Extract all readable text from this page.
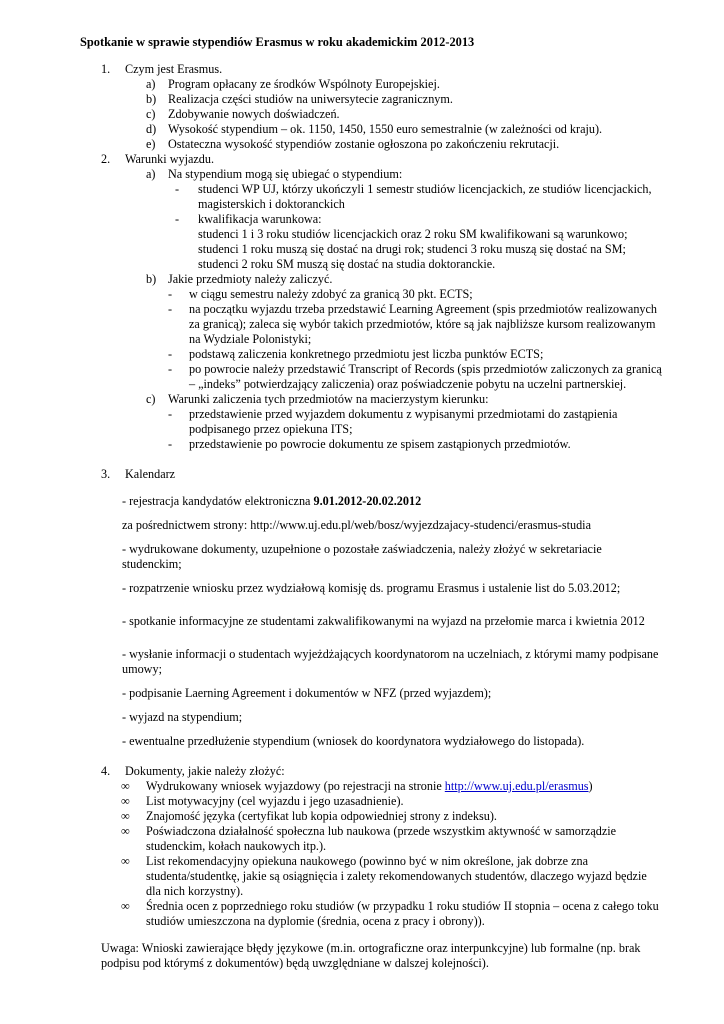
Spotkanie w sprawie stypendiów Erasmus w roku akademickim 2012-2013
1. Czym jest Erasmus.
a) Program opłacany ze środków Wspólnoty Europejskiej.
b) Realizacja części studiów na uniwersytecie zagranicznym.
c) Zdobywanie nowych doświadczeń.
d) Wysokość stypendium – ok. 1150, 1450, 1550 euro semestralnie (w zależności od kraju).
e) Ostateczna wysokość stypendiów zostanie ogłoszona po zakończeniu rekrutacji.
2. Warunki wyjazdu.
a) Na stypendium mogą się ubiegać o stypendium:
- studenci WP UJ, którzy ukończyli 1 semestr studiów licencjackich, ze studiów licencjackich,
magisterskich i doktoranckich
- kwalifikacja warunkowa:
studenci 1 i 3 roku studiów licencjackich oraz 2 roku SM kwalifikowani są warunkowo;
studenci 1 roku muszą się dostać na drugi rok; studenci 3 roku muszą się dostać na SM;
studenci 2 roku SM muszą się dostać na studia doktoranckie.
b) Jakie przedmioty należy zaliczyć.
- w ciągu semestru należy zdobyć za granicą 30 pkt. ECTS;
- na początku wyjazdu trzeba przedstawić Learning Agreement (spis przedmiotów realizowanych
za granicą); zaleca się wybór takich przedmiotów, które są jak najbliższe kursom realizowanym
na Wydziale Polonistyki;
- podstawą zaliczenia konkretnego przedmiotu jest liczba punktów ECTS;
- po powrocie należy przedstawić Transcript of Records (spis przedmiotów zaliczonych za granicą
– „indeks” potwierdzający zaliczenia) oraz poświadczenie pobytu na uczelni partnerskiej.
c) Warunki zaliczenia tych przedmiotów na macierzystym kierunku:
- przedstawienie przed wyjazdem dokumentu z wypisanymi przedmiotami do zastąpienia
podpisanego przez opiekuna ITS;
- przedstawienie po powrocie dokumentu ze spisem zastąpionych przedmiotów.
3. Kalendarz
- rejestracja kandydatów elektroniczna 9.01.2012-20.02.2012
za pośrednictwem strony: http://www.uj.edu.pl/web/bosz/wyjezdzajacy-studenci/erasmus-studia
- wydrukowane dokumenty, uzupełnione o pozostałe zaświadczenia, należy złożyć w sekretariacie
studenckim;
- rozpatrzenie wniosku przez wydziałową komisję ds. programu Erasmus i ustalenie list do 5.03.2012;
- spotkanie informacyjne ze studentami zakwalifikowanymi na wyjazd na przełomie marca i kwietnia 2012
- wysłanie informacji o studentach wyjeżdżających koordynatorom na uczelniach, z którymi mamy podpisane
umowy;
- podpisanie Laerning Agreement i dokumentów w NFZ (przed wyjazdem);
- wyjazd na stypendium;
- ewentualne przedłużenie stypendium (wniosek do koordynatora wydziałowego do listopada).
4. Dokumenty, jakie należy złożyć:
∞ Wydrukowany wniosek wyjazdowy (po rejestracji na stronie http://www.uj.edu.pl/erasmus)
∞ List motywacyjny (cel wyjazdu i jego uzasadnienie).
∞ Znajomość języka (certyfikat lub kopia odpowiedniej strony z indeksu).
∞ Poświadczona działalność społeczna lub naukowa (przede wszystkim aktywność w samorządzie
studenckim, kołach naukowych itp.).
∞ List rekomendacyjny opiekuna naukowego (powinno być w nim określone, jak dobrze zna
studenta/studentkę, jakie są osiągnięcia i zalety rekomendowanych studentów, dlaczego wyjazd będzie
dla nich korzystny).
∞ Średnia ocen z poprzedniego roku studiów (w przypadku 1 roku studiów II stopnia – ocena z całego toku
studiów umieszczona na dyplomie (średnia, ocena z pracy i obrony)).
Uwaga: Wnioski zawierające błędy językowe (m.in. ortograficzne oraz interpunkcyjne) lub formalne (np. brak
podpisu pod którymś z dokumentów) będą uwzględniane w dalszej kolejności).
